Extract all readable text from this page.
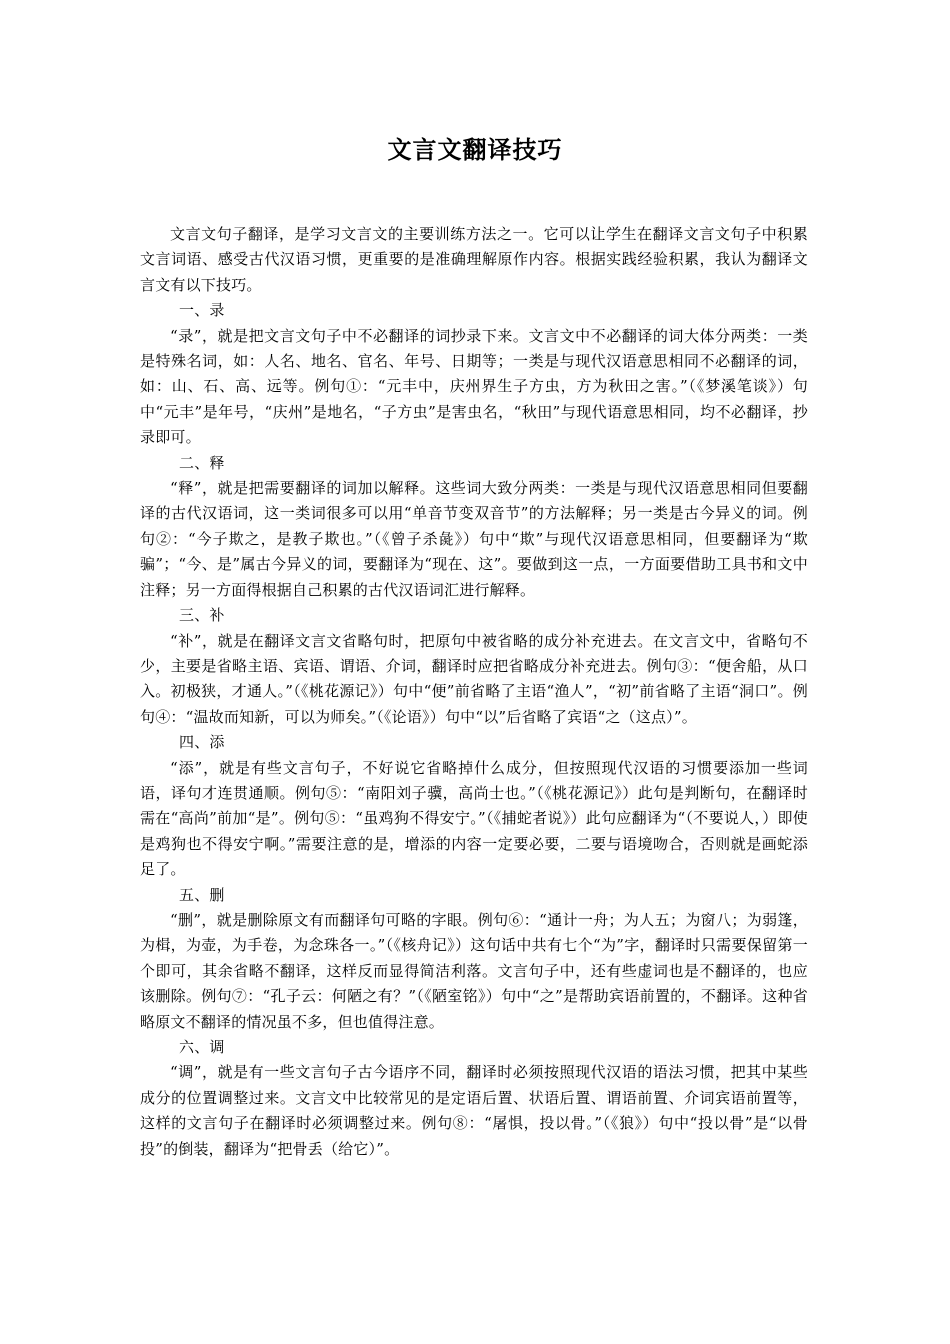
文言文翻译技巧

文言文句子翻译，是学习文言文的主要训练方法之一。它可以让学生在翻译文言文句子中积累文言词语、感受古代汉语习惯，更重要的是准确理解原作内容。根据实践经验积累，我认为翻译文言文有以下技巧。

一、录

“录”，就是把文言文句子中不必翻译的词抄录下来。文言文中不必翻译的词大体分两类：一类是特殊名词，如：人名、地名、官名、年号、日期等；一类是与现代汉语意思相同不必翻译的词，如：山、石、高、远等。例句①：“元丰中，庆州界生子方虫，方为秋田之害。”（《梦溪笔谈》）句中“元丰”是年号，“庆州”是地名，“子方虫”是害虫名，“秋田”与现代语意思相同，均不必翻译，抄录即可。

二、释

“释”，就是把需要翻译的词加以解释。这些词大致分两类：一类是与现代汉语意思相同但要翻译的古代汉语词，这一类词很多可以用“单音节变双音节”的方法解释；另一类是古今异义的词。例句②：“今子欺之，是教子欺也。”（《曾子杀彘》）句中“欺”与现代汉语意思相同，但要翻译为“欺骗”；“今、是”属古今异义的词，要翻译为“现在、这”。要做到这一点，一方面要借助工具书和文中注释；另一方面得根据自己积累的古代汉语词汇进行解释。

三、补

“补”，就是在翻译文言文省略句时，把原句中被省略的成分补充进去。在文言文中，省略句不少，主要是省略主语、宾语、谓语、介词，翻译时应把省略成分补充进去。例句③：“便舍船，从口入。初极狭，才通人。”（《桃花源记》）句中“便”前省略了主语“渔人”，“初”前省略了主语“洞口”。例句④：“温故而知新，可以为师矣。”（《论语》）句中“以”后省略了宾语“之（这点）”。

四、添

“添”，就是有些文言句子，不好说它省略掉什么成分，但按照现代汉语的习惯要添加一些词语，译句才连贯通顺。例句⑤：“南阳刘子骥，高尚士也。”（《桃花源记》）此句是判断句，在翻译时需在“高尚”前加“是”。例句⑤：“虽鸡狗不得安宁。”（《捕蛇者说》）此句应翻译为“（不要说人，）即使是鸡狗也不得安宁啊。”需要注意的是，增添的内容一定要必要，二要与语境吻合，否则就是画蛇添足了。

五、删

“删”，就是删除原文有而翻译句可略的字眼。例句⑥：“通计一舟；为人五；为窗八；为弱篷，为楫，为壶，为手卷，为念珠各一。”（《核舟记》）这句话中共有七个“为”字，翻译时只需要保留第一个即可，其余省略不翻译，这样反而显得简洁利落。文言句子中，还有些虚词也是不翻译的，也应该删除。例句⑦：“孔子云：何陋之有？”（《陋室铭》）句中“之”是帮助宾语前置的，不翻译。这种省略原文不翻译的情况虽不多，但也值得注意。

六、调

“调”，就是有一些文言句子古今语序不同，翻译时必须按照现代汉语的语法习惯，把其中某些成分的位置调整过来。文言文中比较常见的是定语后置、状语后置、谓语前置、介词宾语前置等，这样的文言句子在翻译时必须调整过来。例句⑧：“屠惧，投以骨。”（《狼》）句中“投以骨”是“以骨投”的倒装，翻译为“把骨丢（给它）”。
